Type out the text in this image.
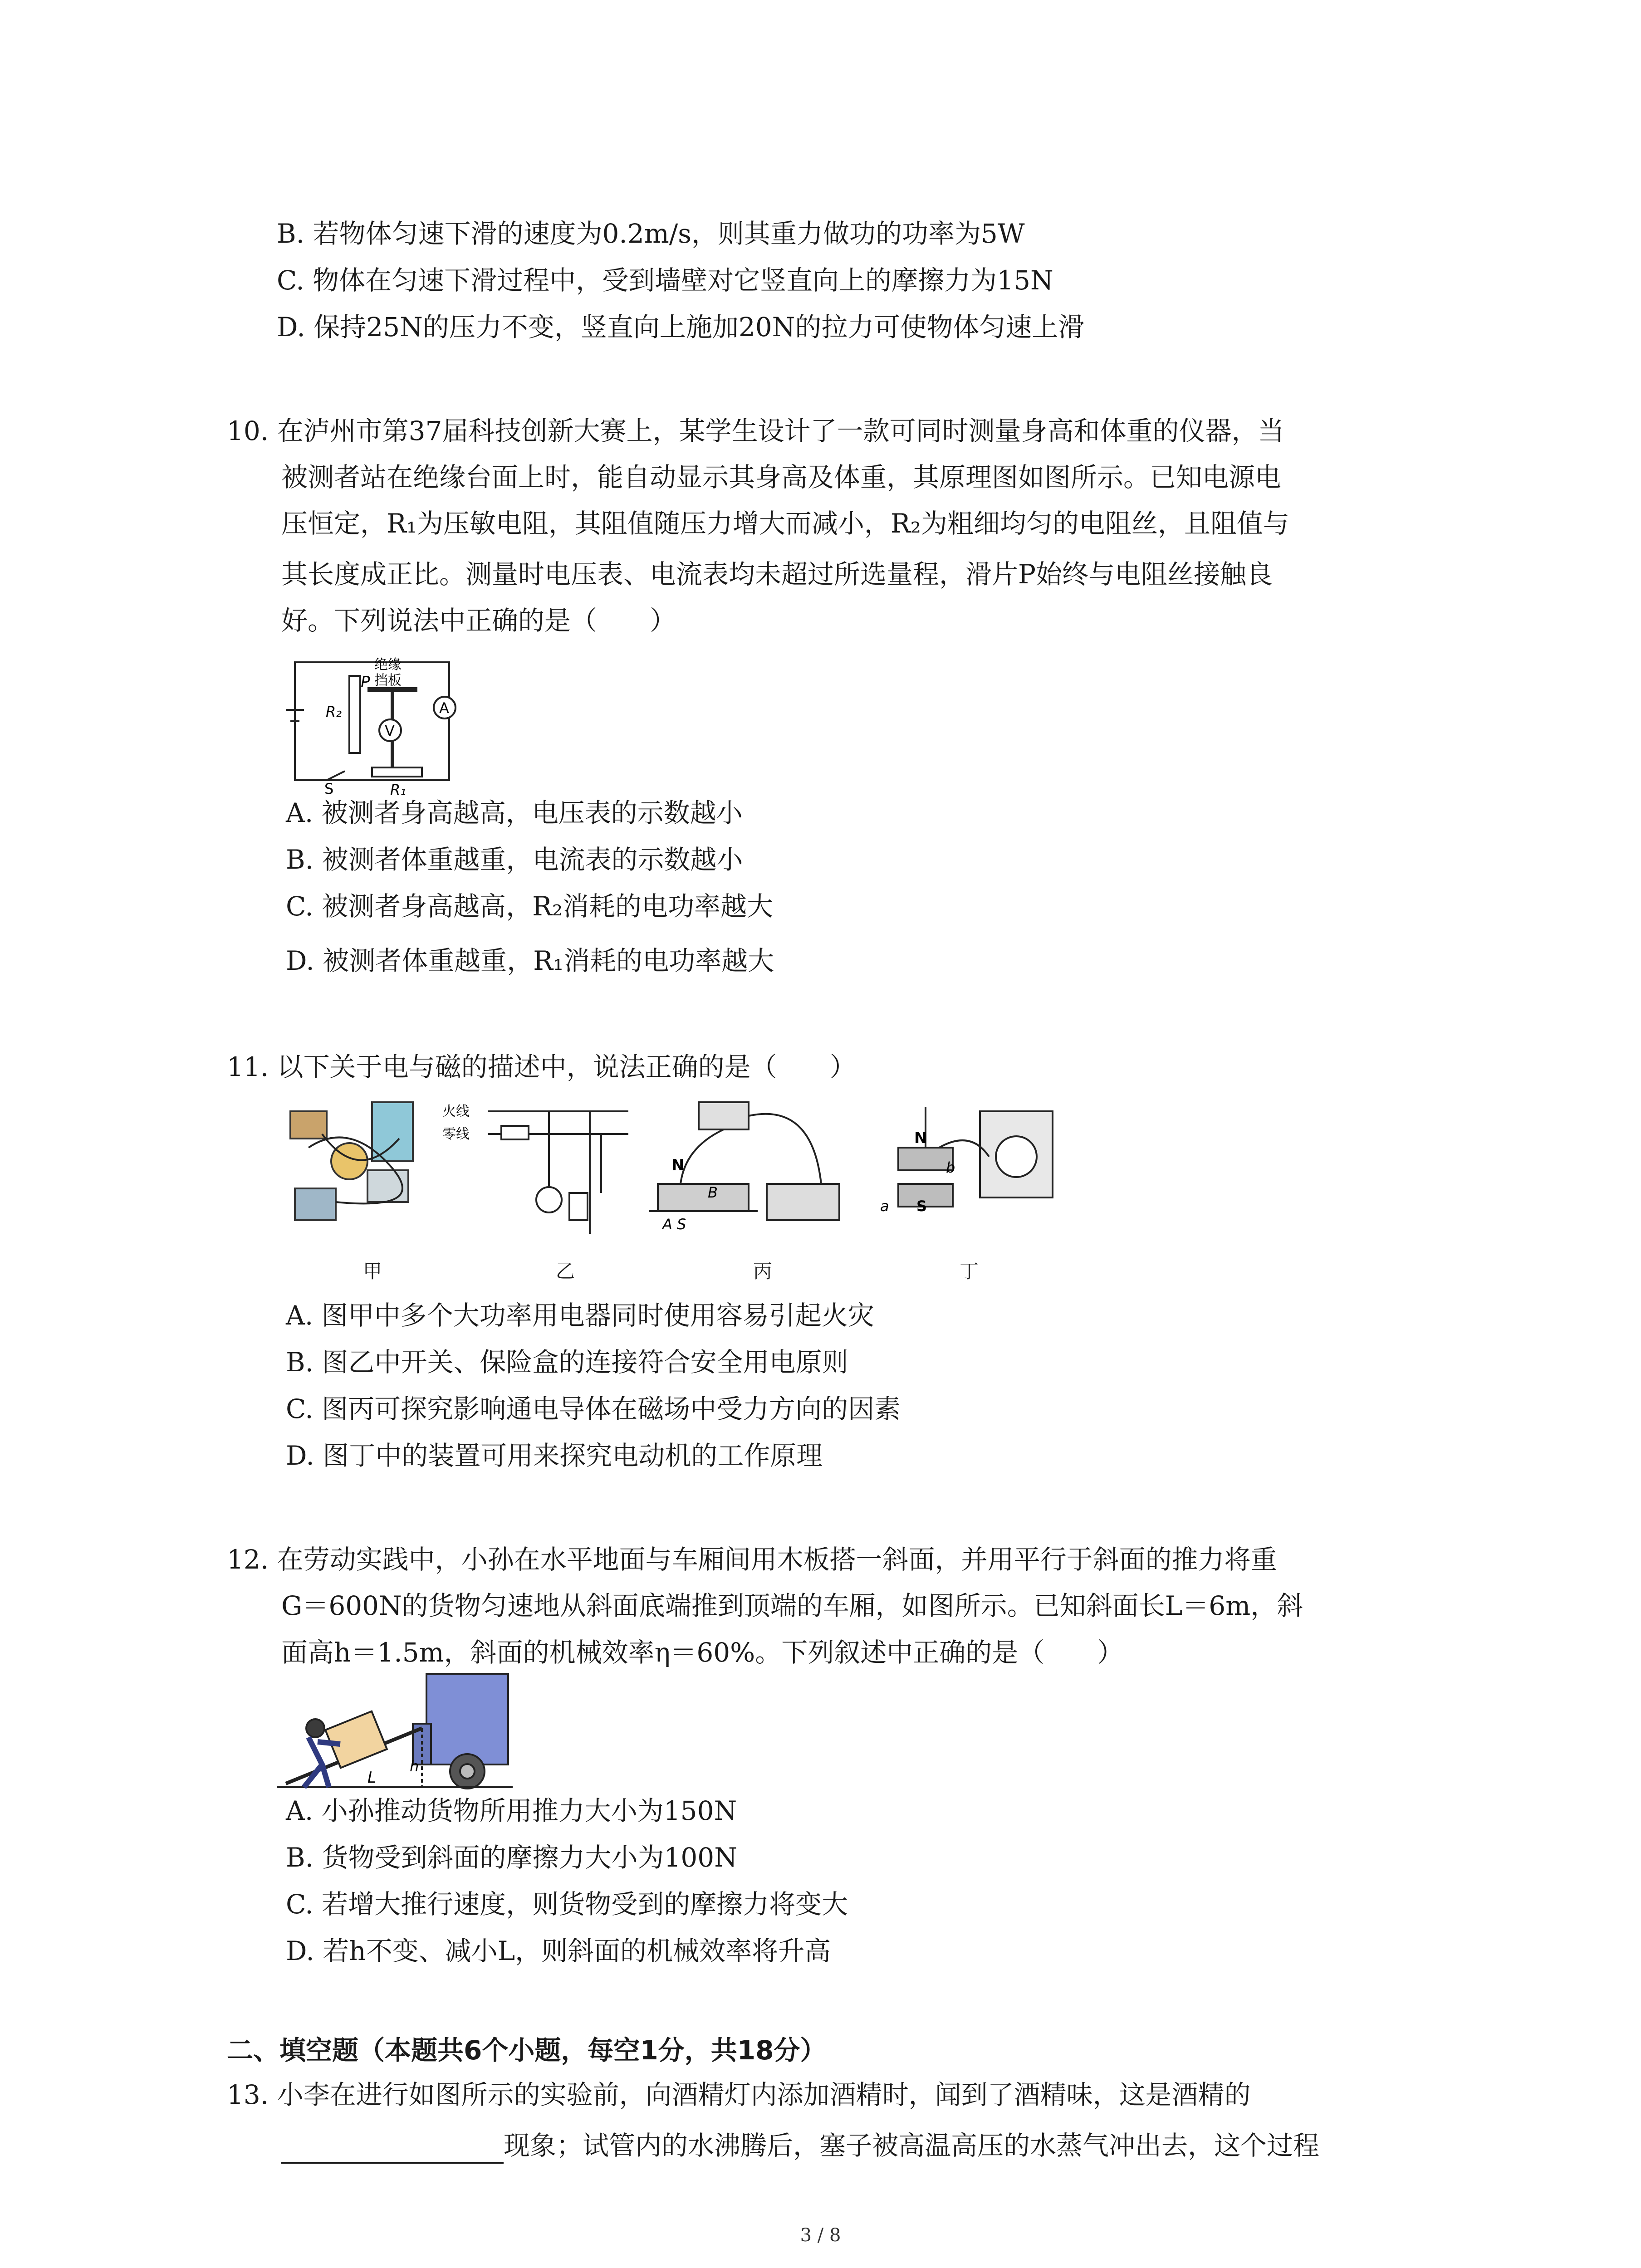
B. 若物体匀速下滑的速度为0.2m/s，则其重力做功的功率为5W
C. 物体在匀速下滑过程中，受到墙壁对它竖直向上的摩擦力为15N
D. 保持25N的压力不变，竖直向上施加20N的拉力可使物体匀速上滑
10. 在泸州市第37届科技创新大赛上，某学生设计了一款可同时测量身高和体重的仪器，当
被测者站在绝缘台面上时，能自动显示其身高及体重，其原理图如图所示。已知电源电
压恒定，R₁为压敏电阻，其阻值随压力增大而减小，R₂为粗细均匀的电阻丝，且阻值与
其长度成正比。测量时电压表、电流表均未超过所选量程，滑片P始终与电阻丝接触良
好。下列说法中正确的是（　　）
绝缘
挡板
P
R₂
V
A
S	R₁
A. 被测者身高越高，电压表的示数越小
B. 被测者体重越重，电流表的示数越小
C. 被测者身高越高，R₂消耗的电功率越大
D. 被测者体重越重，R₁消耗的电功率越大
11. 以下关于电与磁的描述中，说法正确的是（　　）
火线
零线
N
B
A S
N
b
a S
甲	乙	丙	丁
A. 图甲中多个大功率用电器同时使用容易引起火灾
B. 图乙中开关、保险盒的连接符合安全用电原则
C. 图丙可探究影响通电导体在磁场中受力方向的因素
D. 图丁中的装置可用来探究电动机的工作原理
12. 在劳动实践中，小孙在水平地面与车厢间用木板搭一斜面，并用平行于斜面的推力将重
G＝600N的货物匀速地从斜面底端推到顶端的车厢，如图所示。已知斜面长L＝6m，斜
面高h＝1.5m，斜面的机械效率η＝60%。下列叙述中正确的是（　　）
L
h
A. 小孙推动货物所用推力大小为150N
B. 货物受到斜面的摩擦力大小为100N
C. 若增大推行速度，则货物受到的摩擦力将变大
D. 若h不变、减小L，则斜面的机械效率将升高
二、填空题（本题共6个小题，每空1分，共18分）
13. 小李在进行如图所示的实验前，向酒精灯内添加酒精时，闻到了酒精味，这是酒精的
现象；试管内的水沸腾后，塞子被高温高压的水蒸气冲出去，这个过程
3 / 8
